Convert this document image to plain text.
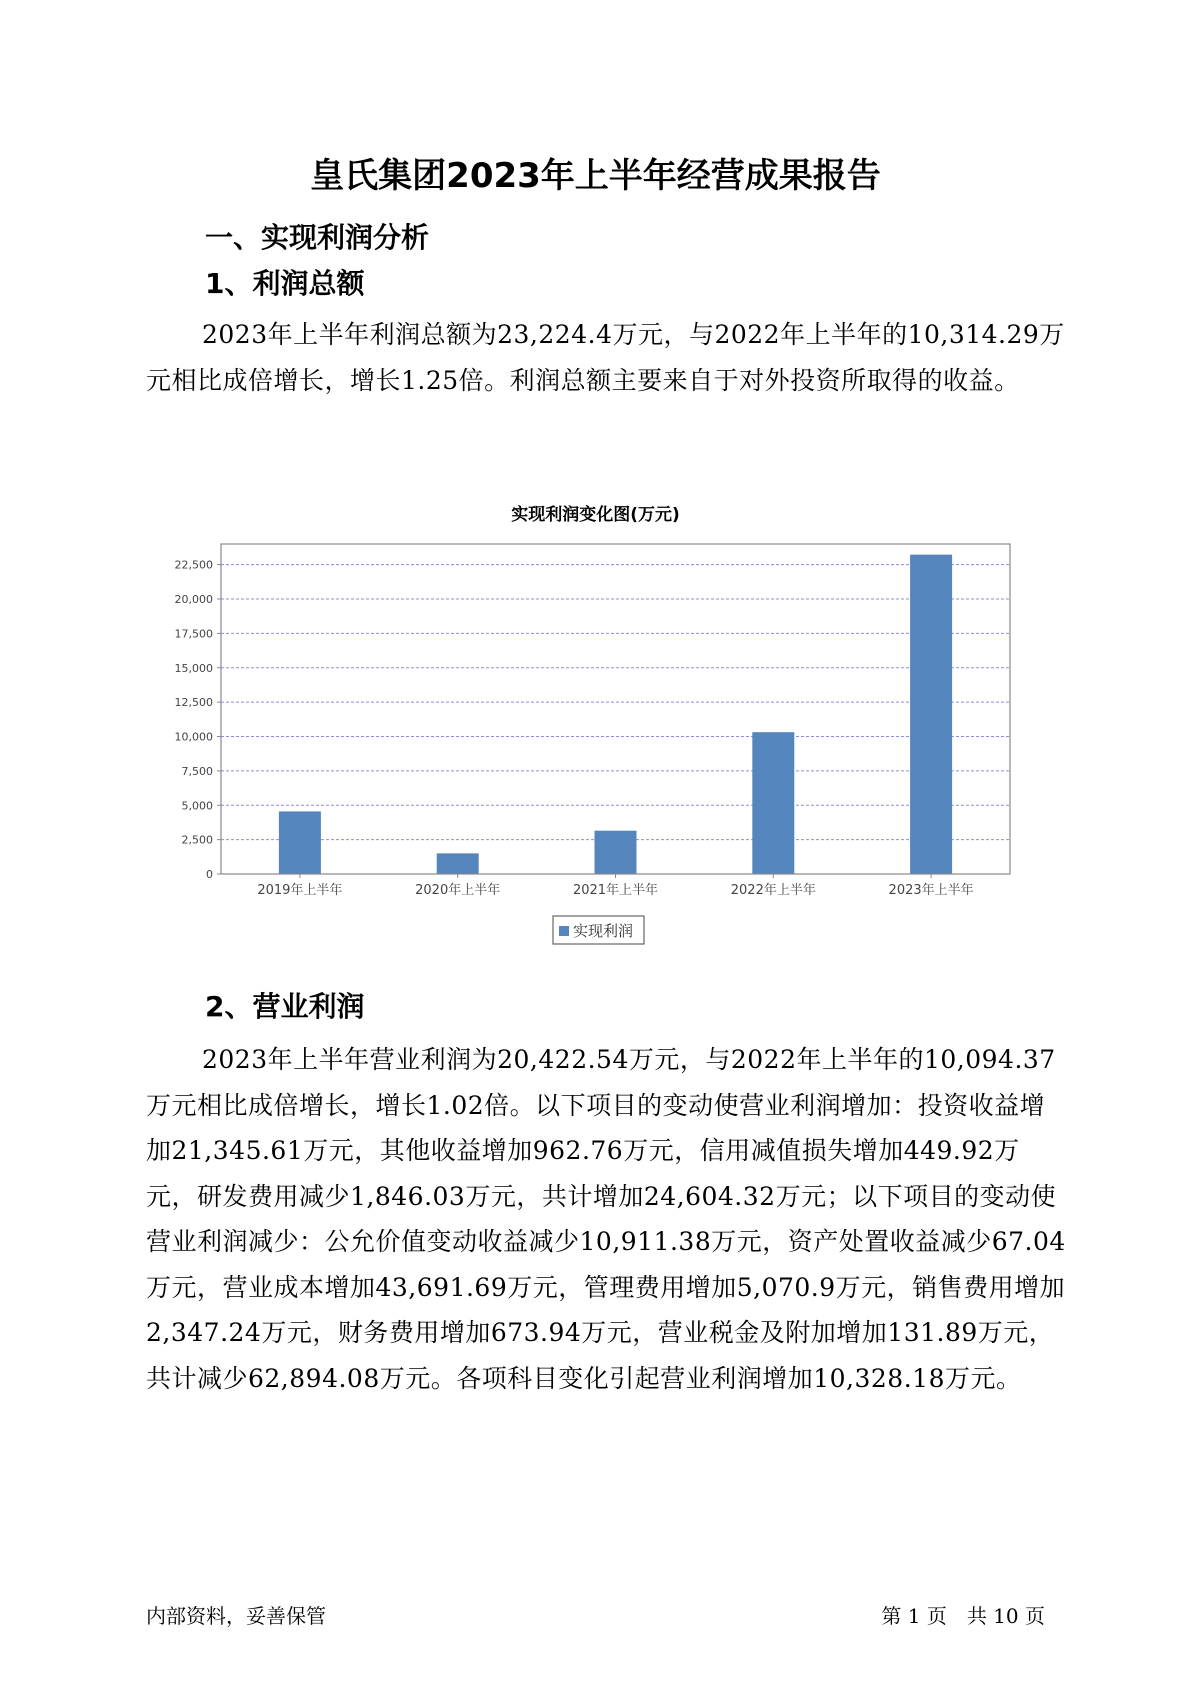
皇氏集团2023年上半年经营成果报告
一、实现利润分析
1、利润总额
2023年上半年利润总额为23,224.4万元，与2022年上半年的10,314.29万元相比成倍增长，增长1.25倍。利润总额主要来自于对外投资所取得的收益。
实现利润变化图(万元)
0
2,500
5,000
7,500
10,000
12,500
15,000
17,500
20,000
22,500
2019年上半年	2020年上半年	2021年上半年	2022年上半年	2023年上半年
实现利润
2、营业利润
2023年上半年营业利润为20,422.54万元，与2022年上半年的10,094.37万元相比成倍增长，增长1.02倍。以下项目的变动使营业利润增加：投资收益增加21,345.61万元，其他收益增加962.76万元，信用减值损失增加449.92万元，研发费用减少1,846.03万元，共计增加24,604.32万元；以下项目的变动使营业利润减少：公允价值变动收益减少10,911.38万元，资产处置收益减少67.04万元，营业成本增加43,691.69万元，管理费用增加5,070.9万元，销售费用增加2,347.24万元，财务费用增加673.94万元，营业税金及附加增加131.89万元，共计减少62,894.08万元。各项科目变化引起营业利润增加10,328.18万元。
内部资料，妥善保管	第 1 页　共 10 页
